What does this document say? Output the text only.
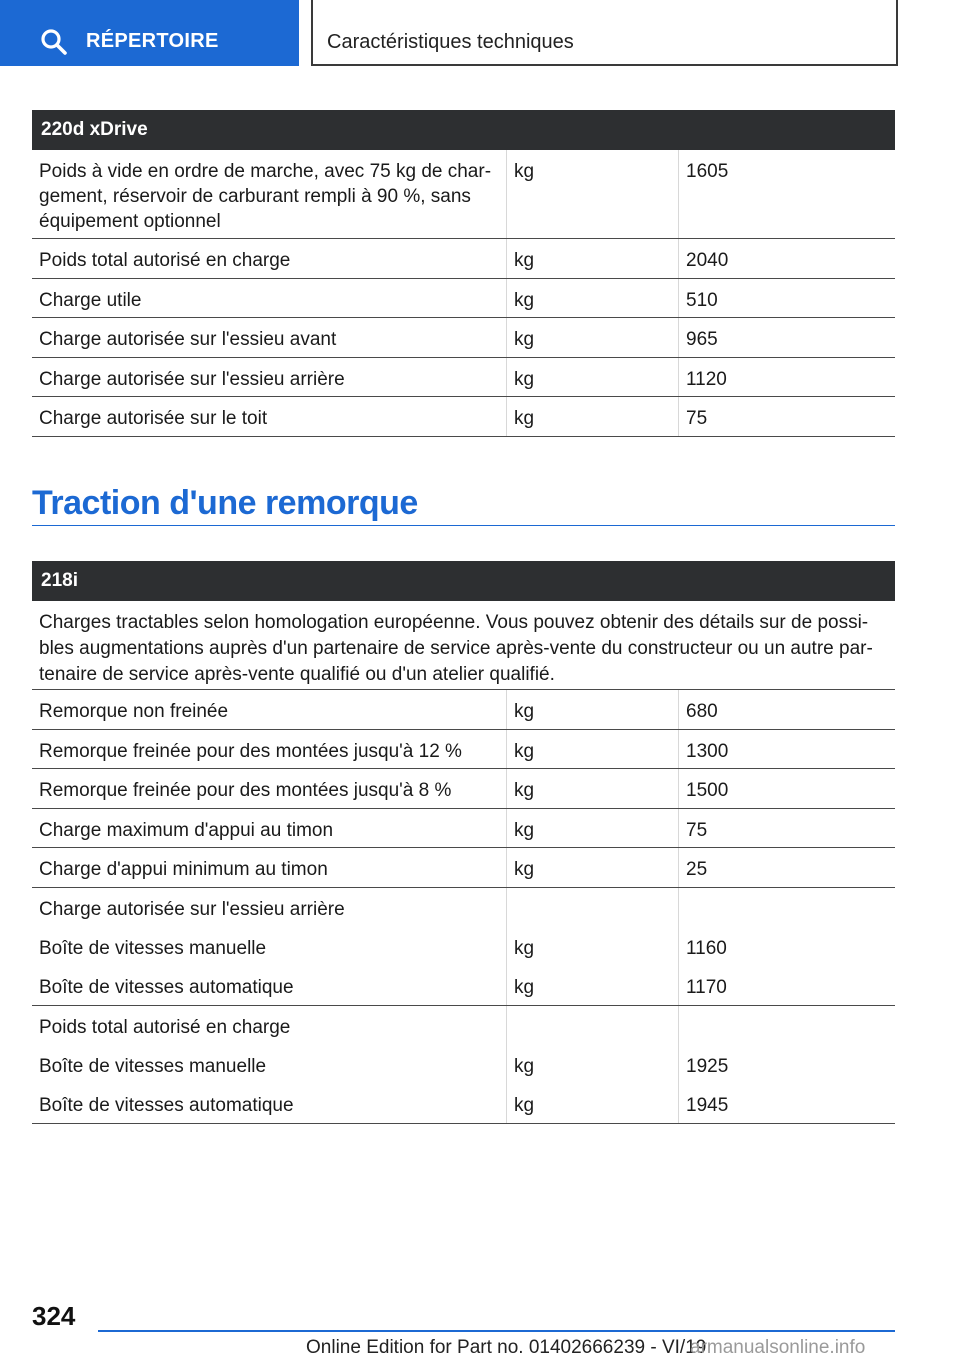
RÉPERTOIRE	Caractéristiques techniques
220d xDrive
Poids à vide en ordre de marche, avec 75 kg de char-
gement, réservoir de carburant rempli à 90 %, sans
équipement optionnel
kg	1605
Poids total autorisé en charge	kg	2040
Charge utile	kg	510
Charge autorisée sur l'essieu avant	kg	965
Charge autorisée sur l'essieu arrière	kg	1120
Charge autorisée sur le toit	kg	75
Traction d'une remorque
218i
Charges tractables selon homologation européenne. Vous pouvez obtenir des détails sur de possi-
bles augmentations auprès d'un partenaire de service après-vente du constructeur ou un autre par-
tenaire de service après-vente qualifié ou d'un atelier qualifié.
Remorque non freinée	kg	680
Remorque freinée pour des montées jusqu'à 12 %	kg	1300
Remorque freinée pour des montées jusqu'à 8 %	kg	1500
Charge maximum d'appui au timon	kg	75
Charge d'appui minimum au timon	kg	25
Charge autorisée sur l'essieu arrière
Boîte de vitesses manuelle	kg	1160
Boîte de vitesses automatique	kg	1170
Poids total autorisé en charge
Boîte de vitesses manuelle	kg	1925
Boîte de vitesses automatique	kg	1945
324
Online Edition for Part no. 01402666239 - VI/19
armanualsonline.info
